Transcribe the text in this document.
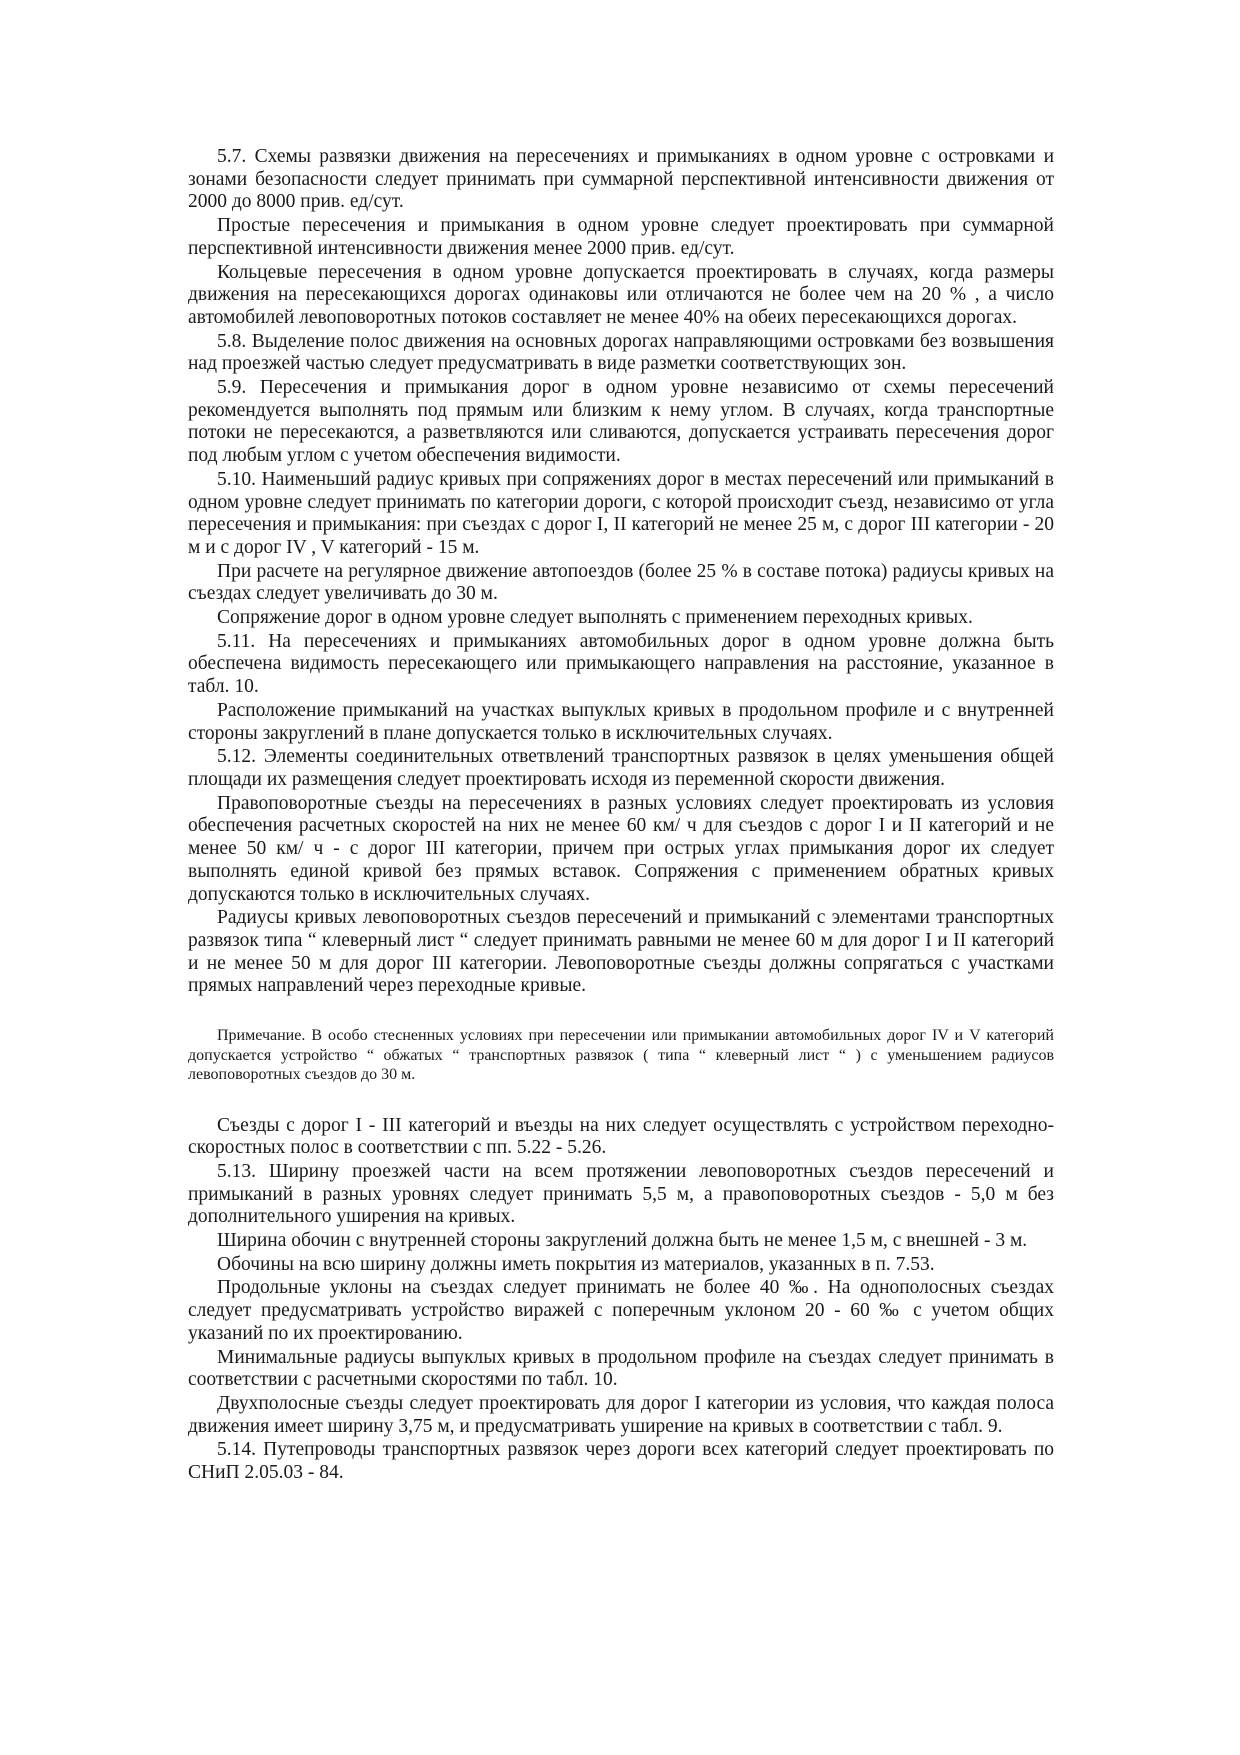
5.7. Схемы развязки движения на пересечениях и примыканиях в одном уровне с островками и зонами безопасности следует принимать при суммарной перспективной интенсивности движения от 2000 до 8000 прив. ед/сут.

Простые пересечения и примыкания в одном уровне следует проектировать при суммарной перспективной интенсивности движения менее 2000 прив. ед/сут.

Кольцевые пересечения в одном уровне допускается проектировать в случаях, когда размеры движения на пересекающихся дорогах одинаковы или отличаются не более чем на 20 % , а число автомобилей левоповоротных потоков составляет не менее 40% на обеих пересекающихся дорогах.

5.8. Выделение полос движения на основных дорогах направляющими островками без возвышения над проезжей частью следует предусматривать в виде разметки соответствующих зон.

5.9. Пересечения и примыкания дорог в одном уровне независимо от схемы пересечений рекомендуется выполнять под прямым или близким к нему углом. В случаях, когда транспортные потоки не пересекаются, а разветвляются или сливаются, допускается устраивать пересечения дорог под любым углом с учетом обеспечения видимости.

5.10. Наименьший радиус кривых при сопряжениях дорог в местах пересечений или примыканий в одном уровне следует принимать по категории дороги, с которой происходит съезд, независимо от угла пересечения и примыкания: при съездах с дорог I, II категорий не менее 25 м, с дорог III категории - 20 м и с дорог IV , V категорий - 15 м.

При расчете на регулярное движение автопоездов (более 25 % в составе потока) радиусы кривых на съездах следует увеличивать до 30 м.

Сопряжение дорог в одном уровне следует выполнять с применением переходных кривых.

5.11. На пересечениях и примыканиях автомобильных дорог в одном уровне должна быть обеспечена видимость пересекающего или примыкающего направления на расстояние, указанное в табл. 10.

Расположение примыканий на участках выпуклых кривых в продольном профиле и с внутренней стороны закруглений в плане допускается только в исключительных случаях.

5.12. Элементы соединительных ответвлений транспортных развязок в целях уменьшения общей площади их размещения следует проектировать исходя из переменной скорости движения.

Правоповоротные съезды на пересечениях в разных условиях следует проектировать из условия обеспечения расчетных скоростей на них не менее 60 км/ ч для съездов с дорог I и II категорий и не менее 50 км/ ч - с дорог III категории, причем при острых углах примыкания дорог их следует выполнять единой кривой без прямых вставок. Сопряжения с применением обратных кривых допускаются только в исключительных случаях.

Радиусы кривых левоповоротных съездов пересечений и примыканий с элементами транспортных развязок типа “ клеверный лист “ следует принимать равными не менее 60 м для дорог I и II категорий и не менее 50 м для дорог III категории. Левоповоротные съезды должны сопрягаться с участками прямых направлений через переходные кривые.

Примечание. В особо стесненных условиях при пересечении или примыкании автомобильных дорог IV и V категорий допускается устройство “ обжатых “ транспортных развязок ( типа “ клеверный лист “ ) с уменьшением радиусов левоповоротных съездов до 30 м.

Съезды с дорог I - III категорий и въезды на них следует осуществлять с устройством переходно-скоростных полос в соответствии с пп. 5.22 - 5.26.

5.13. Ширину проезжей части на всем протяжении левоповоротных съездов пересечений и примыканий в разных уровнях следует принимать 5,5 м, а правоповоротных съездов - 5,0 м без дополнительного уширения на кривых.

Ширина обочин с внутренней стороны закруглений должна быть не менее 1,5 м, с внешней - 3 м.

Обочины на всю ширину должны иметь покрытия из материалов, указанных в п. 7.53.

Продольные уклоны на съездах следует принимать не более 40 ‰. На однополосных съездах следует предусматривать устройство виражей с поперечным уклоном 20 - 60 ‰ с учетом общих указаний по их проектированию.

Минимальные радиусы выпуклых кривых в продольном профиле на съездах следует принимать в соответствии с расчетными скоростями по табл. 10.

Двухполосные съезды следует проектировать для дорог I категории из условия, что каждая полоса движения имеет ширину 3,75 м, и предусматривать уширение на кривых в соответствии с табл. 9.

5.14. Путепроводы транспортных развязок через дороги всех категорий следует проектировать по СНиП 2.05.03 - 84.
